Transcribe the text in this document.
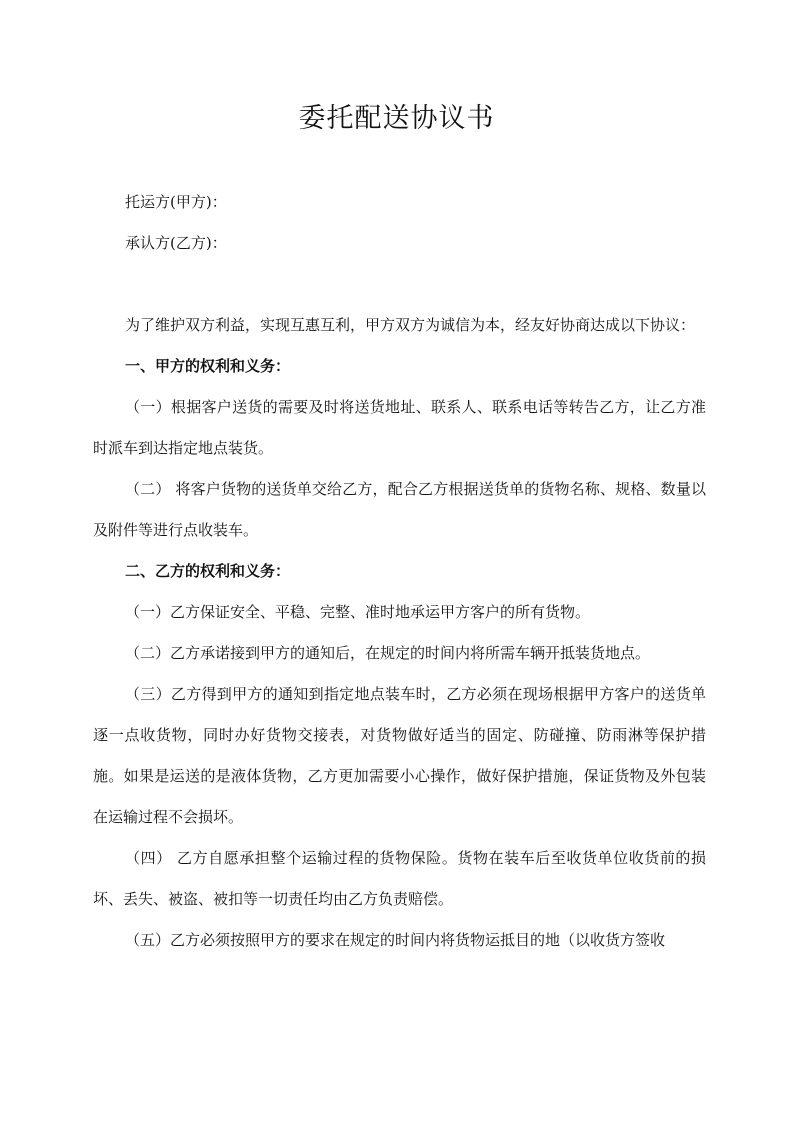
委托配送协议书

托运方(甲方)：

承认方(乙方)：

为了维护双方利益，实现互惠互利，甲方双方为诚信为本，经友好协商达成以下协议：

一、甲方的权利和义务：

（一）根据客户送货的需要及时将送货地址、联系人、联系电话等转告乙方，让乙方准时派车到达指定地点装货。

（二） 将客户货物的送货单交给乙方，配合乙方根据送货单的货物名称、规格、数量以及附件等进行点收装车。

二、乙方的权利和义务：

（一）乙方保证安全、平稳、完整、准时地承运甲方客户的所有货物。

（二）乙方承诺接到甲方的通知后，在规定的时间内将所需车辆开抵装货地点。

（三）乙方得到甲方的通知到指定地点装车时，乙方必须在现场根据甲方客户的送货单逐一点收货物，同时办好货物交接表，对货物做好适当的固定、防碰撞、防雨淋等保护措施。如果是运送的是液体货物，乙方更加需要小心操作，做好保护措施，保证货物及外包装在运输过程不会损坏。

（四） 乙方自愿承担整个运输过程的货物保险。货物在装车后至收货单位收货前的损坏、丢失、被盗、被扣等一切责任均由乙方负责赔偿。

（五）乙方必须按照甲方的要求在规定的时间内将货物运抵目的地（以收货方签收
